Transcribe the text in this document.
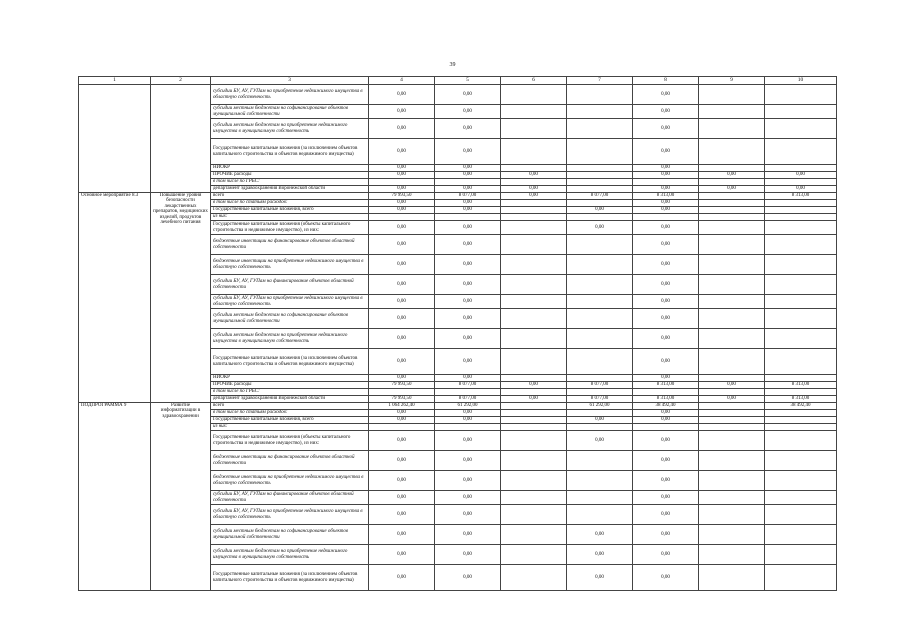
39
1	2	3	4	5	6	7	8	9	10
		субсидии БУ, АУ, ГУПам на приобретение недвижимого имущества в областную собственность	0,00	0,00			0,00		
		субсидии местным бюджетам на софинансирование объектов муниципальной собственности	0,00	0,00			0,00		
		субсидии местным бюджетам на приобретение недвижимого имущества в муниципальную собственность	0,00	0,00			0,00		
		Государственные капитальные вложения (за исключением объектов капитального строительства и объектов недвижимого имущества)	0,00	0,00			0,00		
		НИОКР	0,00	0,00			0,00		
		ПРОЧИЕ расходы	0,00	0,00	0,00		0,00	0,00	0,00
		в том числе по ГРБС:							
		департамент здравоохранения Воронежской области	0,00	0,00	0,00		0,00	0,00	0,00
Основное мероприятие 8.3	Повышение уровня безопасности лекарственных препаратов, медицинских изделий, продуктов лечебного питания	всего	79 993,50	8 077,00	0,00	8 077,00	8 313,00		8 313,00
		в том числе по статьям расходов:	0,00	0,00			0,00		
		Государственные капитальные вложения, всего	0,00	0,00		0,00	0,00		
		из них:							
		Государственные капитальные вложения (объекты капитального строительства и недвижимое имущество), из них:	0,00	0,00		0,00	0,00		
		бюджетные инвестиции на финансирование объектов областной собственности	0,00	0,00			0,00		
		бюджетные инвестиции на приобретение недвижимого имущества в областную собственность	0,00	0,00			0,00		
		субсидии БУ, АУ, ГУПам на финансирование объектов областной собственности	0,00	0,00			0,00		
		субсидии БУ, АУ, ГУПам на приобретение недвижимого имущества в областную собственность	0,00	0,00			0,00		
		субсидии местным бюджетам на софинансирование объектов муниципальной собственности	0,00	0,00			0,00		
		субсидии местным бюджетам на приобретение недвижимого имущества в муниципальную собственность	0,00	0,00			0,00		
		Государственные капитальные вложения (за исключением объектов капитального строительства и объектов недвижимого имущества)	0,00	0,00			0,00		
		НИОКР	0,00	0,00			0,00		
		ПРОЧИЕ расходы	79 993,50	8 077,00	0,00	8 077,00	8 313,00	0,00	8 313,00
		в том числе по ГРБС:							
		департамент здравоохранения Воронежской области	79 993,50	8 077,00	0,00	8 077,00	8 313,00	0,00	8 313,00
ПОДПРОГРАММА 9	Развитие информатизации в здравоохранении	всего	1 064 262,40	61 292,00		61 292,00	38 492,40		38 492,40
		в том числе по статьям расходов:	0,00	0,00			0,00		
		Государственные капитальные вложения, всего	0,00	0,00		0,00	0,00		
		из них:							
		Государственные капитальные вложения (объекты капитального строительства и недвижимое имущество), из них:	0,00	0,00		0,00	0,00		
		бюджетные инвестиции на финансирование объектов областной собственности	0,00	0,00			0,00		
		бюджетные инвестиции на приобретение недвижимого имущества в областную собственность	0,00	0,00			0,00		
		субсидии БУ, АУ, ГУПам на финансирование объектов областной собственности	0,00	0,00			0,00		
		субсидии БУ, АУ, ГУПам на приобретение недвижимого имущества в областную собственность	0,00	0,00			0,00		
		субсидии местным бюджетам на софинансирование объектов муниципальной собственности	0,00	0,00		0,00	0,00		
		субсидии местным бюджетам на приобретение недвижимого имущества в муниципальную собственность	0,00	0,00		0,00	0,00		
		Государственные капитальные вложения (за исключением объектов капитального строительства и объектов недвижимого имущества)	0,00	0,00		0,00	0,00		
